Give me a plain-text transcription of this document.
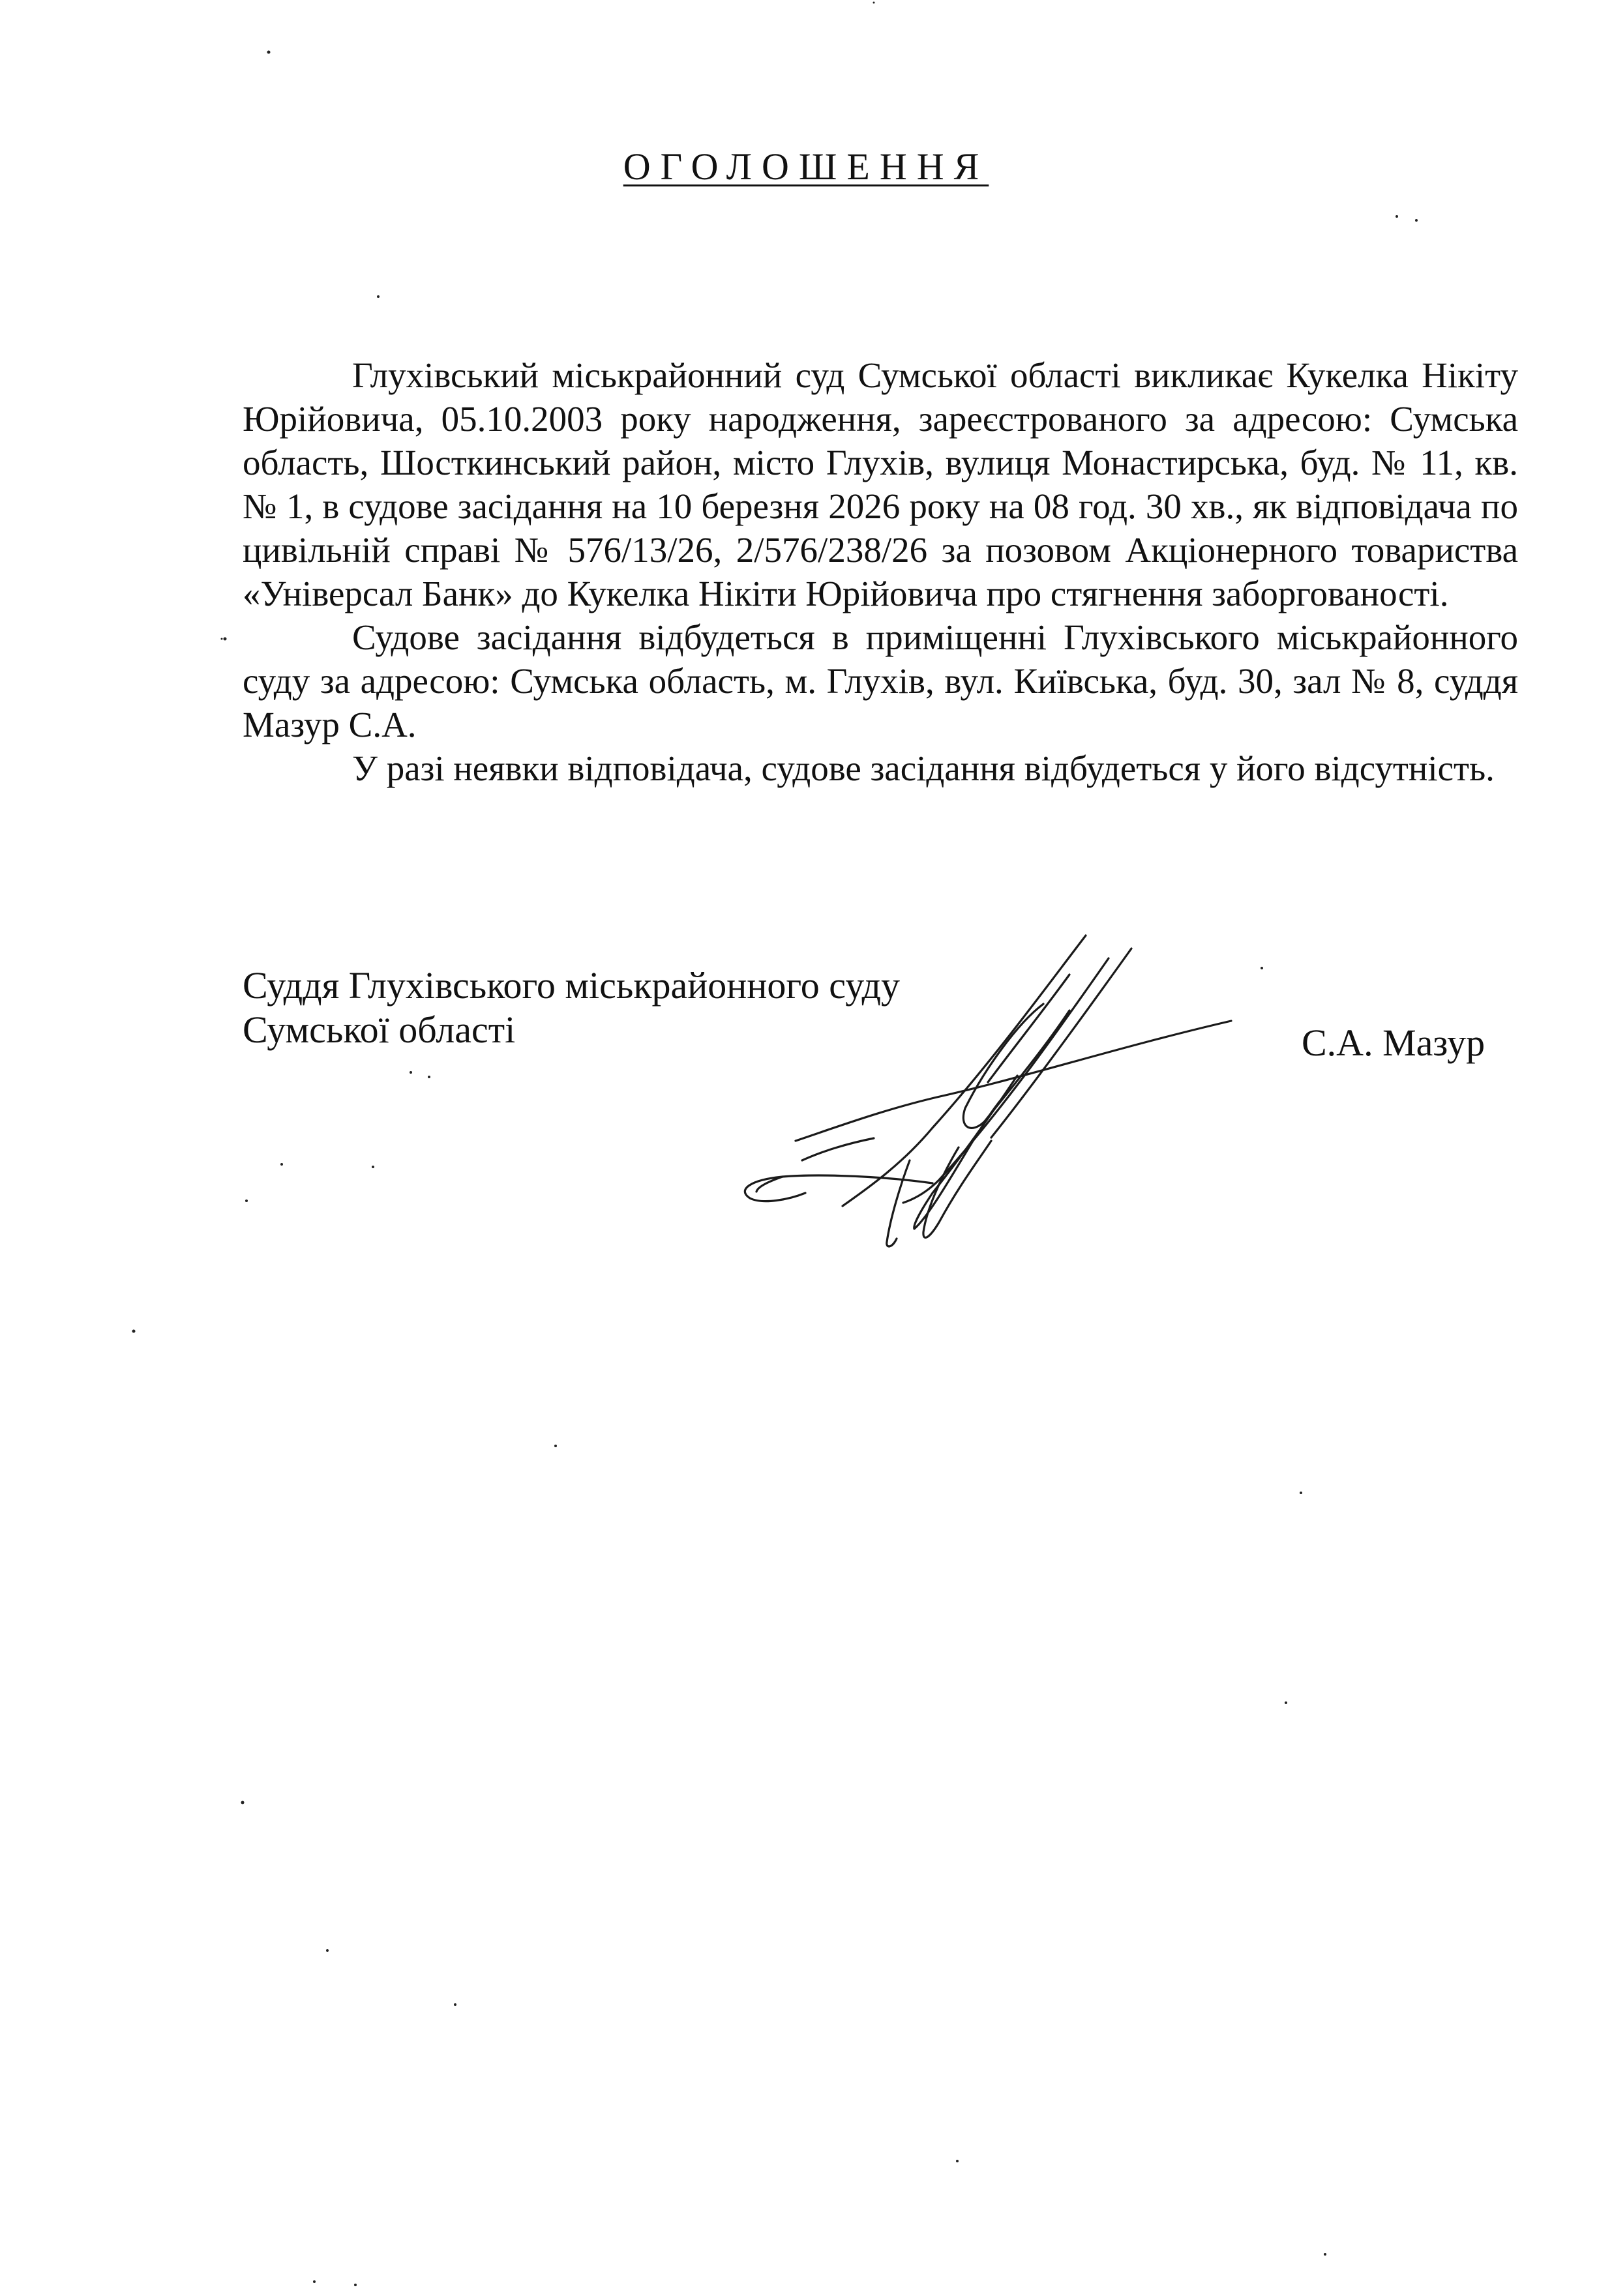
ОГОЛОШЕННЯ

Глухівський міськрайонний суд Сумської області викликає Кукелка Нікіту Юрійовича, 05.10.2003 року народження, зареєстрованого за адресою: Сумська область, Шосткинський район, місто Глухів, вулиця Монастирська, буд. № 11, кв. № 1, в судове засідання на 10 березня 2026 року на 08 год. 30 хв., як відповідача по цивільній справі № 576/13/26, 2/576/238/26 за позовом Акціонерного товариства «Універсал Банк» до Кукелка Нікіти Юрійовича про стягнення заборгованості.

Судове засідання відбудеться в приміщенні Глухівського міськрайонного суду за адресою: Сумська область, м. Глухів, вул. Київська, буд. 30, зал № 8, суддя Мазур С.А.

У разі неявки відповідача, судове засідання відбудеться у його відсутність.

Суддя Глухівського міськрайонного суду
Сумської області	С.А. Мазур
